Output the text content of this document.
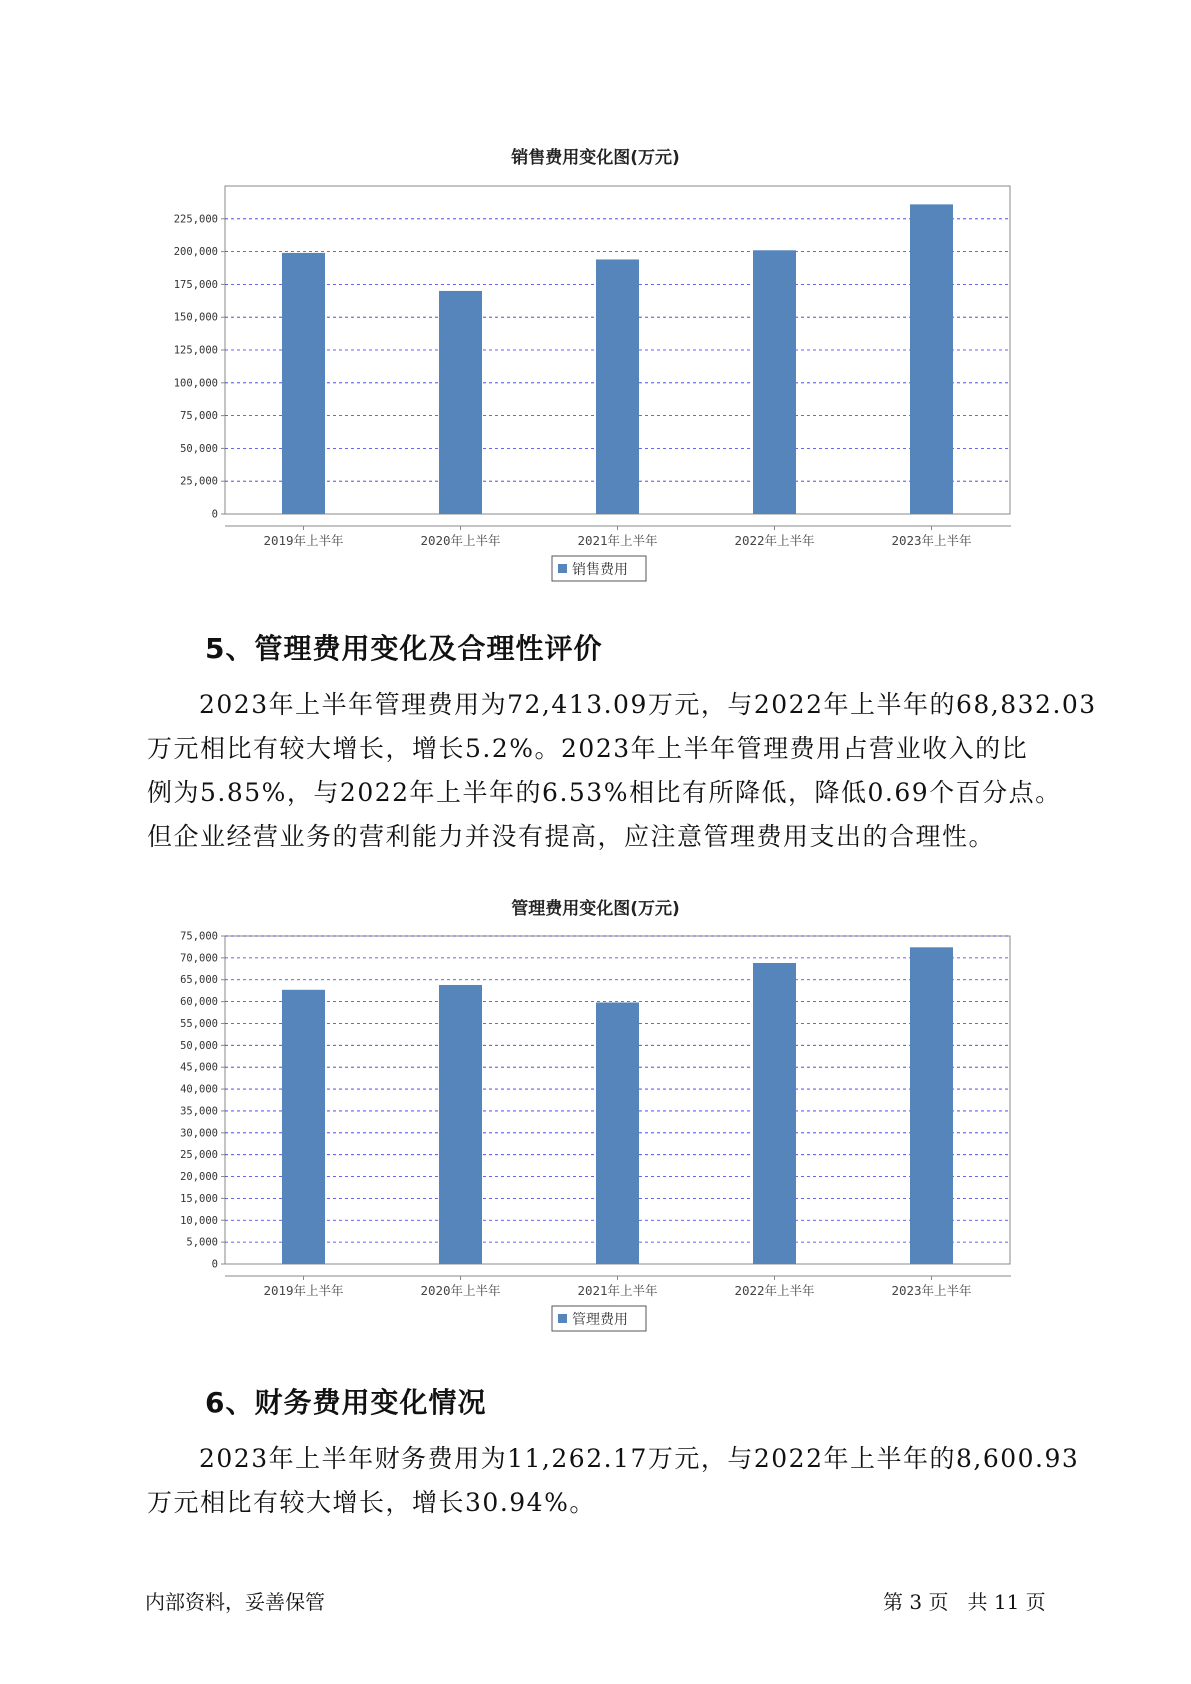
销售费用变化图(万元)
0
25,000
50,000
75,000
100,000
125,000
150,000
175,000
200,000
225,000
2019年上半年	2020年上半年	2021年上半年	2022年上半年	2023年上半年
销售费用
5、管理费用变化及合理性评价
2023年上半年管理费用为72,413.09万元，与2022年上半年的68,832.03
万元相比有较大增长，增长5.2%。2023年上半年管理费用占营业收入的比
例为5.85%，与2022年上半年的6.53%相比有所降低，降低0.69个百分点。
但企业经营业务的营利能力并没有提高，应注意管理费用支出的合理性。
管理费用变化图(万元)
0
5,000
10,000
15,000
20,000
25,000
30,000
35,000
40,000
45,000
50,000
55,000
60,000
65,000
70,000
75,000
2019年上半年	2020年上半年	2021年上半年	2022年上半年	2023年上半年
管理费用
6、财务费用变化情况
2023年上半年财务费用为11,262.17万元，与2022年上半年的8,600.93
万元相比有较大增长，增长30.94%。
内部资料，妥善保管	第 3 页   共 11 页
